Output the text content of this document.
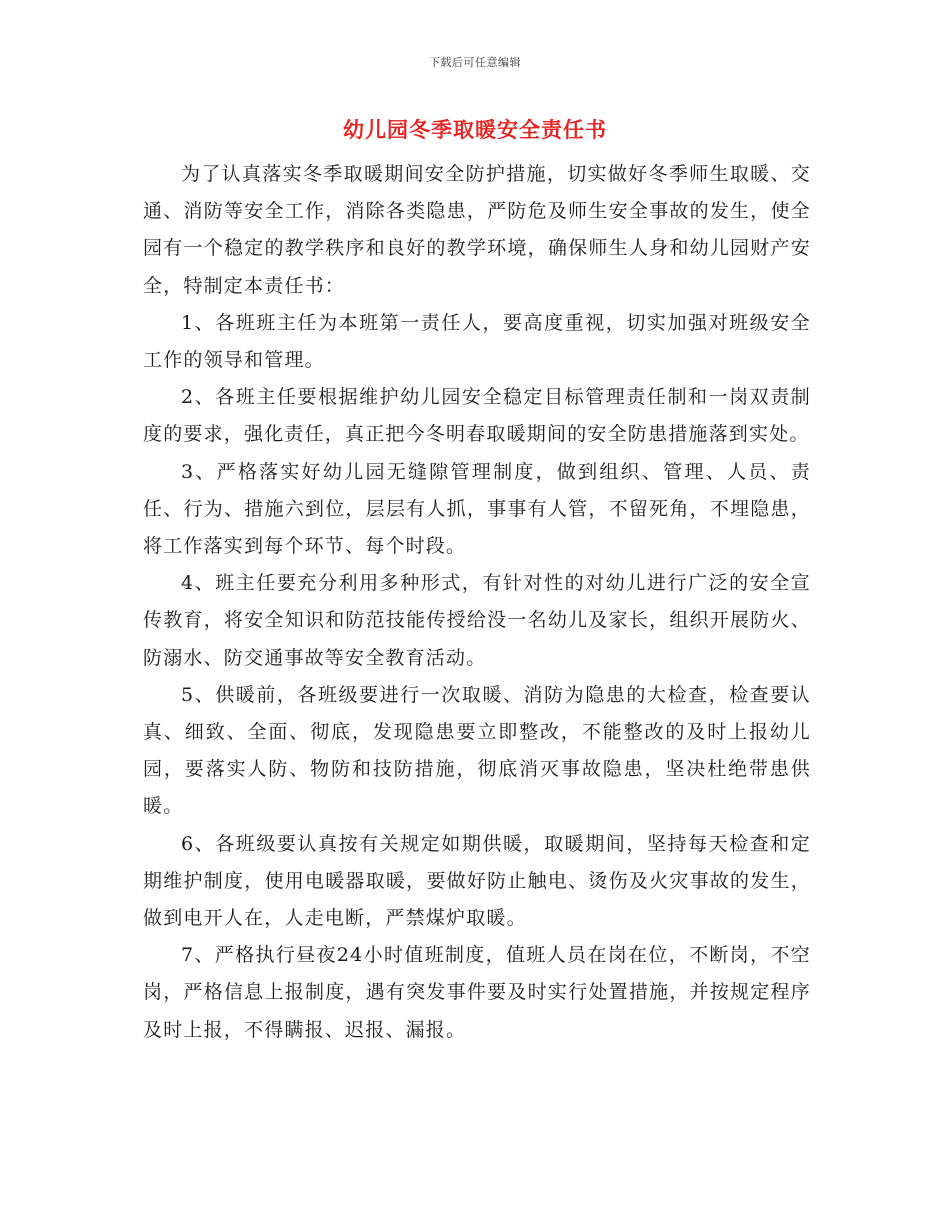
下载后可任意编辑
幼儿园冬季取暖安全责任书

为了认真落实冬季取暖期间安全防护措施，切实做好冬季师生取暖、交通、消防等安全工作，消除各类隐患，严防危及师生安全事故的发生，使全园有一个稳定的教学秩序和良好的教学环境，确保师生人身和幼儿园财产安全，特制定本责任书：

1、各班班主任为本班第一责任人，要高度重视，切实加强对班级安全工作的领导和管理。

2、各班主任要根据维护幼儿园安全稳定目标管理责任制和一岗双责制度的要求，强化责任，真正把今冬明春取暖期间的安全防患措施落到实处。

3、严格落实好幼儿园无缝隙管理制度，做到组织、管理、人员、责任、行为、措施六到位，层层有人抓，事事有人管，不留死角，不埋隐患，将工作落实到每个环节、每个时段。

4、班主任要充分利用多种形式，有针对性的对幼儿进行广泛的安全宣传教育，将安全知识和防范技能传授给没一名幼儿及家长，组织开展防火、防溺水、防交通事故等安全教育活动。

5、供暖前，各班级要进行一次取暖、消防为隐患的大检查，检查要认真、细致、全面、彻底，发现隐患要立即整改，不能整改的及时上报幼儿园，要落实人防、物防和技防措施，彻底消灭事故隐患，坚决杜绝带患供暖。

6、各班级要认真按有关规定如期供暖，取暖期间，坚持每天检查和定期维护制度，使用电暖器取暖，要做好防止触电、烫伤及火灾事故的发生，做到电开人在，人走电断，严禁煤炉取暖。

7、严格执行昼夜24小时值班制度，值班人员在岗在位，不断岗，不空岗，严格信息上报制度，遇有突发事件要及时实行处置措施，并按规定程序及时上报，不得瞒报、迟报、漏报。
